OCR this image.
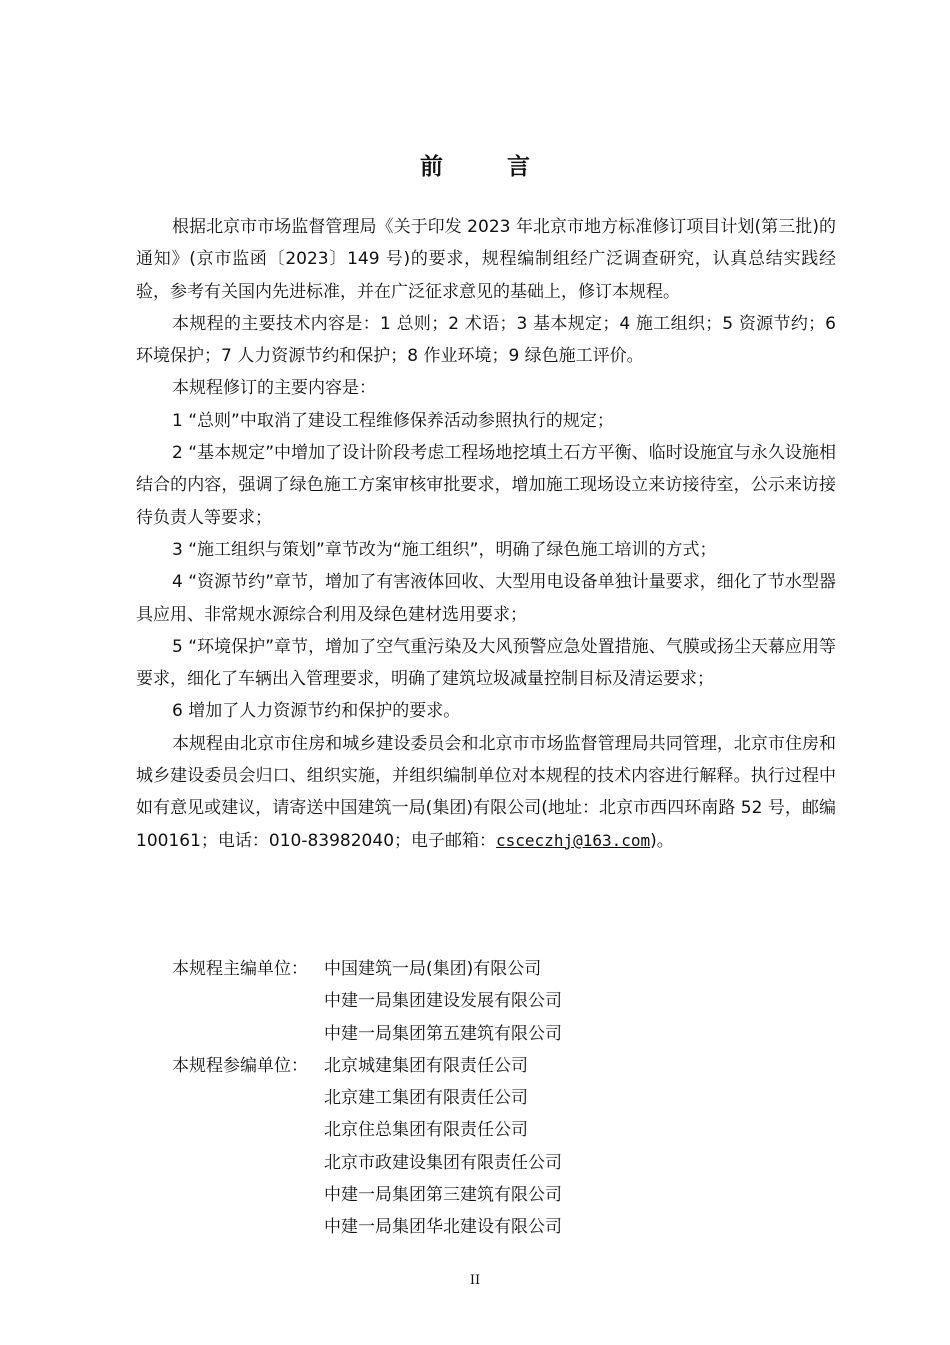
前 言

根据北京市市场监督管理局《关于印发 2023 年北京市地方标准修订项目计划(第三批)的通知》(京市监函〔2023〕149 号)的要求，规程编制组经广泛调查研究，认真总结实践经验，参考有关国内先进标准，并在广泛征求意见的基础上，修订本规程。

本规程的主要技术内容是：1 总则；2 术语；3 基本规定；4 施工组织；5 资源节约；6 环境保护；7 人力资源节约和保护；8 作业环境；9 绿色施工评价。

本规程修订的主要内容是：

1 “总则”中取消了建设工程维修保养活动参照执行的规定；

2 “基本规定”中增加了设计阶段考虑工程场地挖填土石方平衡、临时设施宜与永久设施相结合的内容，强调了绿色施工方案审核审批要求，增加施工现场设立来访接待室，公示来访接待负责人等要求；

3 “施工组织与策划”章节改为“施工组织”，明确了绿色施工培训的方式；

4 “资源节约”章节，增加了有害液体回收、大型用电设备单独计量要求，细化了节水型器具应用、非常规水源综合利用及绿色建材选用要求；

5 “环境保护”章节，增加了空气重污染及大风预警应急处置措施、气膜或扬尘天幕应用等要求，细化了车辆出入管理要求，明确了建筑垃圾减量控制目标及清运要求；

6 增加了人力资源节约和保护的要求。

本规程由北京市住房和城乡建设委员会和北京市市场监督管理局共同管理，北京市住房和城乡建设委员会归口、组织实施，并组织编制单位对本规程的技术内容进行解释。执行过程中如有意见或建议，请寄送中国建筑一局(集团)有限公司(地址：北京市西四环南路 52 号，邮编 100161；电话：010-83982040；电子邮箱：csceczhj@163.com)。

本规程主编单位： 中国建筑一局(集团)有限公司
中建一局集团建设发展有限公司
中建一局集团第五建筑有限公司
本规程参编单位： 北京城建集团有限责任公司
北京建工集团有限责任公司
北京住总集团有限责任公司
北京市政建设集团有限责任公司
中建一局集团第三建筑有限公司
中建一局集团华北建设有限公司
II
